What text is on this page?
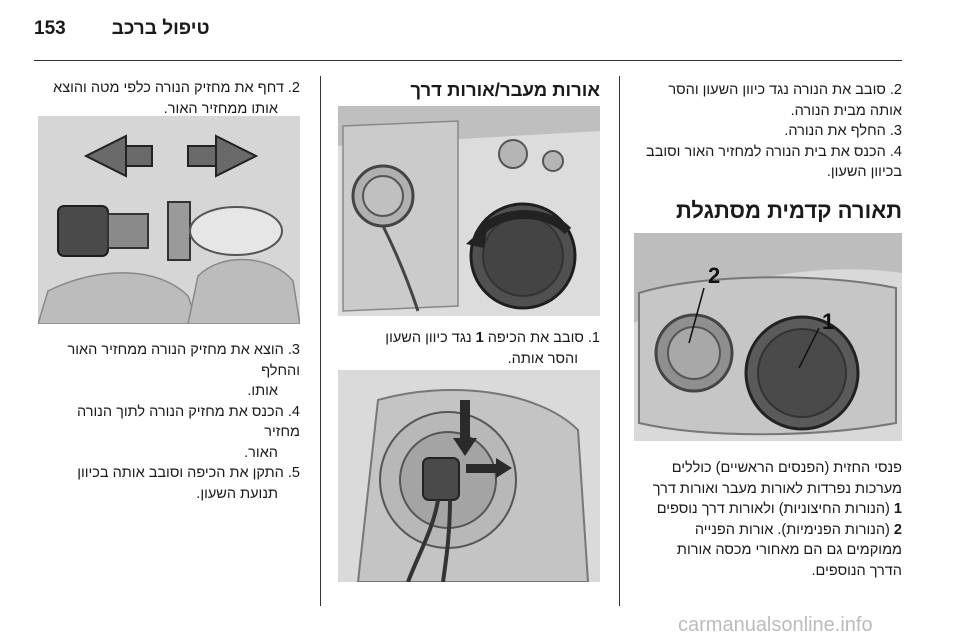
153 טיפול ברכב

2. סובב את הנורה נגד כיוון השעון והסר אותה מבית הנורה.

3. החלף את הנורה.

4. הכנס את בית הנורה למחזיר האור וסובב בכיוון השעון.

תאורה קדמית מסתגלת

2
1

פנסי החזית (הפנסים הראשיים) כוללים

מערכות נפרדות לאורות מעבר ואורות דרך

1 (הנורות החיצוניות) ולאורות דרך נוספים

2 (הנורות הפנימיות). אורות הפנייה

ממוקמים גם הם מאחורי מכסה אורות

הדרך הנוספים.

אורות מעבר/אורות דרך

1. סובב את הכיפה 1 נגד כיוון השעון

והסר אותה.

2. דחף את מחזיק הנורה כלפי מטה והוצא

אותו ממחזיר האור.

3. הוצא את מחזיק הנורה ממחזיר האור והחלף

אותו.

4. הכנס את מחזיק הנורה לתוך הנורה מחזיר

האור.

5. התקן את הכיפה וסובב אותה בכיוון

תנועת השעון.

carmanualsonline.info
